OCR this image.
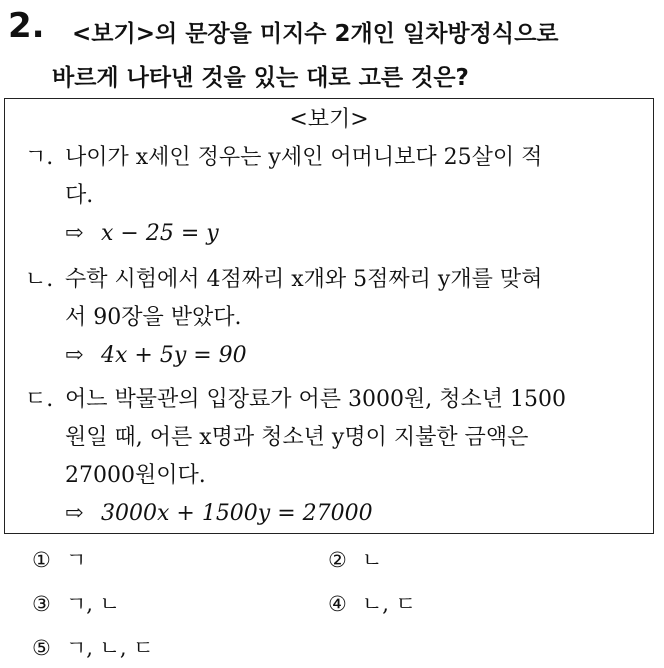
2. <보기>의 문장을 미지수 2개인 일차방정식으로
바르게 나타낸 것을 있는 대로 고른 것은?
<보기>
ㄱ. 나이가 x세인 정우는 y세인 어머니보다 25살이 적
다.
⇨ x − 25 = y
ㄴ. 수학 시험에서 4점짜리 x개와 5점짜리 y개를 맞혀
서 90장을 받았다.
⇨ 4x + 5y = 90
ㄷ. 어느 박물관의 입장료가 어른 3000원, 청소년 1500
원일 때, 어른 x명과 청소년 y명이 지불한 금액은
27000원이다.
⇨ 3000x + 1500y = 27000
① ㄱ	② ㄴ
③ ㄱ, ㄴ	④ ㄴ, ㄷ
⑤ ㄱ, ㄴ, ㄷ
